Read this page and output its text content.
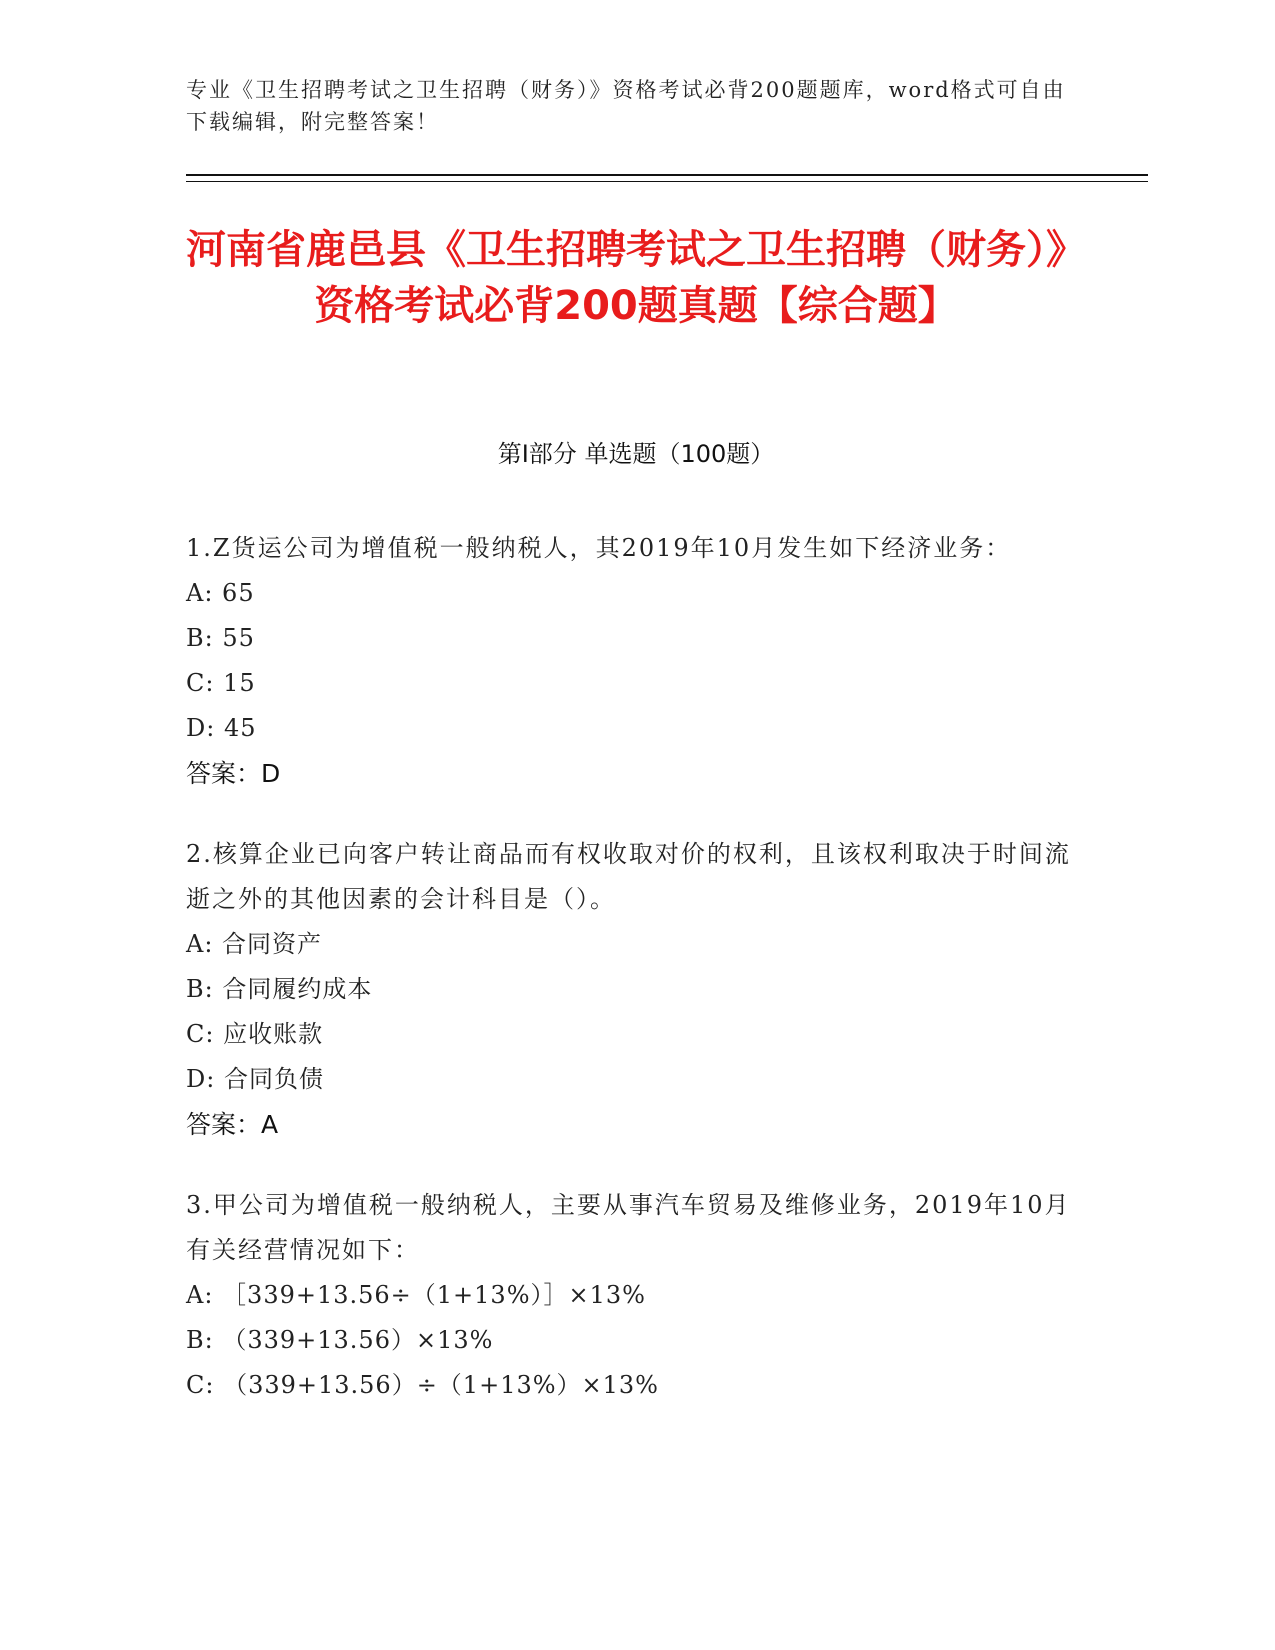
专业《卫生招聘考试之卫生招聘（财务）》资格考试必背200题题库，word格式可自由下载编辑，附完整答案！
河南省鹿邑县《卫生招聘考试之卫生招聘（财务）》资格考试必背200题真题【综合题】
第I部分 单选题（100题）
1.Z货运公司为增值税一般纳税人，其2019年10月发生如下经济业务：
A: 65
B: 55
C: 15
D: 45
答案：D
2.核算企业已向客户转让商品而有权收取对价的权利，且该权利取决于时间流逝之外的其他因素的会计科目是（）。
A: 合同资产
B: 合同履约成本
C: 应收账款
D: 合同负债
答案：A
3.甲公司为增值税一般纳税人，主要从事汽车贸易及维修业务，2019年10月有关经营情况如下：
A: ［339+13.56÷（1+13%）］×13%
B: （339+13.56）×13%
C: （339+13.56）÷（1+13%）×13%
